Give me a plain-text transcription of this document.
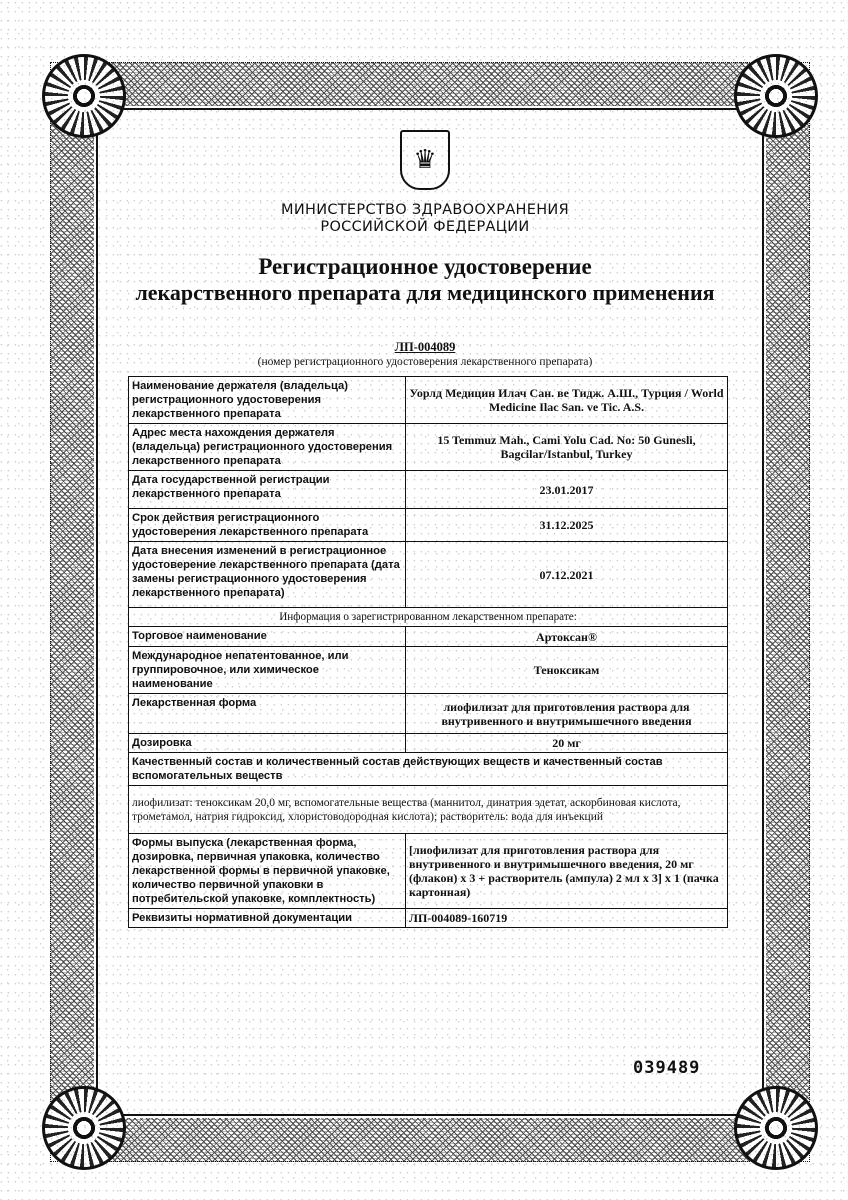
♛
МИНИСТЕРСТВО ЗДРАВООХРАНЕНИЯ
РОССИЙСКОЙ ФЕДЕРАЦИИ
Регистрационное удостоверение
лекарственного препарата для медицинского применения
ЛП-004089
(номер регистрационного удостоверения лекарственного препарата)
Наименование держателя (владельца) регистрационного удостоверения лекарственного препарата	Уорлд Медицин Илач Сан. ве Тидж. А.Ш., Турция / World Medicine Ilac San. ve Tic. A.S.
Адрес места нахождения держателя (владельца) регистрационного удостоверения лекарственного препарата	15 Temmuz Mah., Cami Yolu Cad. No: 50 Gunesli, Bagcilar/Istanbul, Turkey
Дата государственной регистрации лекарственного препарата	23.01.2017
Срок действия регистрационного удостоверения лекарственного препарата	31.12.2025
Дата внесения изменений в регистрационное удостоверение лекарственного препарата (дата замены регистрационного удостоверения лекарственного препарата)	07.12.2021
Информация о зарегистрированном лекарственном препарате:	
Торговое наименование	Артоксан®
Международное непатентованное, или группировочное, или химическое наименование	Теноксикам
Лекарственная форма	лиофилизат для приготовления раствора для внутривенного и внутримышечного введения
Дозировка	20 мг
Качественный состав и количественный состав действующих веществ и качественный состав вспомогательных веществ	
лиофилизат: теноксикам 20,0 мг, вспомогательные вещества (маннитол, динатрия эдетат, аскорбиновая кислота, трометамол, натрия гидроксид, хлористоводородная кислота); растворитель: вода для инъекций	
Формы выпуска (лекарственная форма, дозировка, первичная упаковка, количество лекарственной формы в первичной упаковке, количество первичной упаковки в потребительской упаковке, комплектность)	[лиофилизат для приготовления раствора для внутривенного и внутримышечного введения, 20 мг (флакон) x 3 + растворитель (ампула) 2 мл x 3] x 1 (пачка картонная)
Реквизиты нормативной документации	ЛП-004089-160719
039489
